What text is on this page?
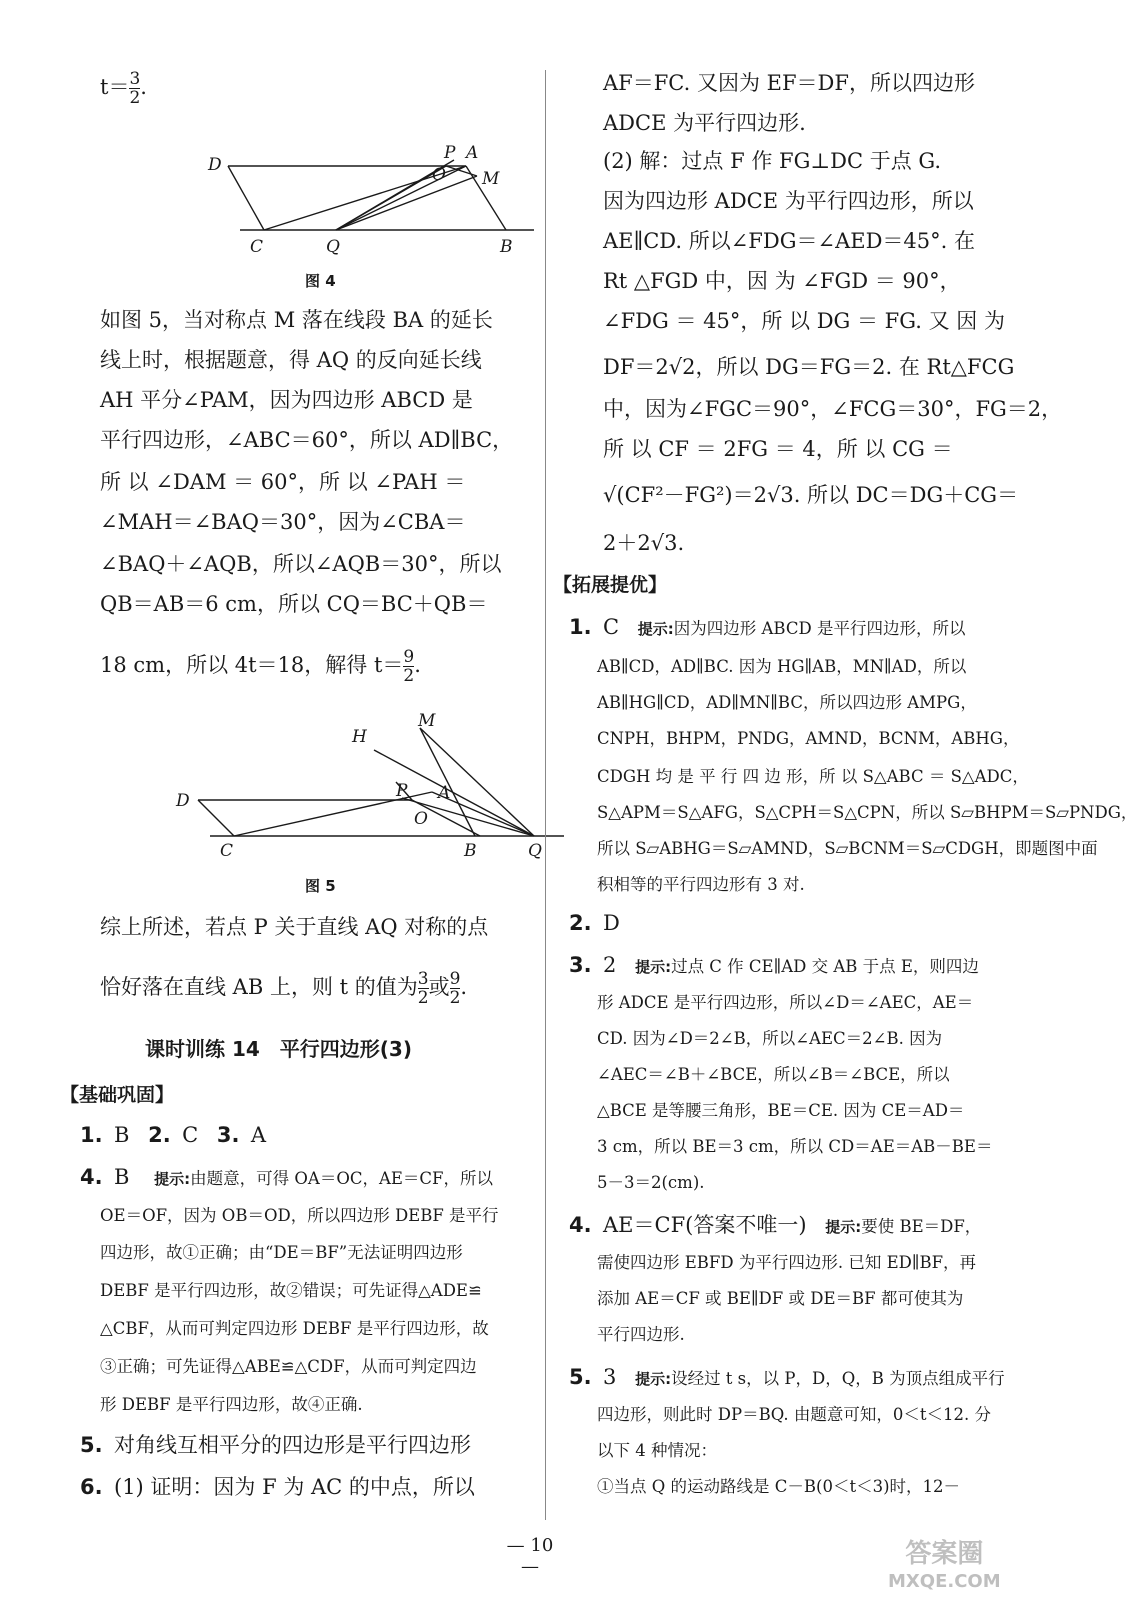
$t= \frac{3}{2}$ .
D
P A
O M
C	Q	B
图 4
如图 5，当对称点 M 落在线段 BA 的延长
线上时，根据题意，得 AQ 的反向延长线
AH 平分∠PAM，因为四边形 ABCD 是
平行四边形，∠ABC＝60°，所以 AD∥BC，
所 以 ∠DAM ＝ 60°，所 以 ∠PAH ＝
∠MAH＝∠BAQ＝30°，因为∠CBA＝
∠BAQ＋∠AQB，所以∠AQB＝30°，所以
QB＝AB＝6 cm，所以 CQ＝BC＋QB＝
18 cm，所以 4t＝18，解得 $t= \frac{9}{2}$ .
H
M
D	P A
O
C	B	Q
图 5
综上所述，若点 P 关于直线 AQ 对称的点
恰好落在直线 AB 上，则 t 的值为 $\frac{3}{2}$ 或 $\frac{9}{2}$ .
课时训练 14　平行四边形(3)
【基础巩固】
1. B 2. C 3. A
4. B 提示:由题意，可得 OA＝OC，AE＝CF，所以
OE＝OF，因为 OB＝OD，所以四边形 DEBF 是平行
四边形，故①正确；由“DE＝BF”无法证明四边形
DEBF 是平行四边形，故②错误；可先证得△ADE≌
△CBF，从而可判定四边形 DEBF 是平行四边形，故
③正确；可先证得△ABE≌△CDF，从而可判定四边
形 DEBF 是平行四边形，故④正确.
5. 对角线互相平分的四边形是平行四边形
6. (1) 证明：因为 F 为 AC 的中点，所以
AF＝FC. 又因为 EF＝DF，所以四边形
ADCE 为平行四边形.
(2) 解：过点 F 作 FG⊥DC 于点 G.
因为四边形 ADCE 为平行四边形，所以
AE∥CD. 所以∠FDG＝∠AED＝45°. 在
Rt △FGD 中，因 为 ∠FGD ＝ 90°，
∠FDG ＝ 45°，所 以 DG ＝ FG. 又 因 为
DF＝2√2，所以 DG＝FG＝2. 在 Rt△FCG
中，因为∠FGC＝90°，∠FCG＝30°，FG＝2，
所 以 CF ＝ 2FG ＝ 4，所 以 CG ＝
√(CF²－FG²)＝2√3. 所以 DC＝DG＋CG＝
2＋2√3.
【拓展提优】
1. C 提示:因为四边形 ABCD 是平行四边形，所以
AB∥CD，AD∥BC. 因为 HG∥AB，MN∥AD，所以
AB∥HG∥CD，AD∥MN∥BC，所以四边形 AMPG，
CNPH，BHPM，PNDG，AMND，BCNM，ABHG，
CDGH 均 是 平 行 四 边 形，所 以 S△ABC ＝ S△ADC，
S△APM＝S△AFG，S△CPH＝S△CPN，所以 S▱BHPM＝S▱PNDG，
所以 S▱ABHG＝S▱AMND，S▱BCNM＝S▱CDGH，即题图中面
积相等的平行四边形有 3 对.
2. D
3. 2 提示:过点 C 作 CE∥AD 交 AB 于点 E，则四边
形 ADCE 是平行四边形，所以∠D＝∠AEC，AE＝
CD. 因为∠D＝2∠B，所以∠AEC＝2∠B. 因为
∠AEC＝∠B＋∠BCE，所以∠B＝∠BCE，所以
△BCE 是等腰三角形，BE＝CE. 因为 CE＝AD＝
3 cm，所以 BE＝3 cm，所以 CD＝AE＝AB－BE＝
5－3＝2(cm).
4. AE＝CF(答案不唯一) 提示:要使 BE＝DF，
需使四边形 EBFD 为平行四边形. 已知 ED∥BF，再
添加 AE＝CF 或 BE∥DF 或 DE＝BF 都可使其为
平行四边形.
5. 3 提示:设经过 t s，以 P，D，Q，B 为顶点组成平行
四边形，则此时 DP＝BQ. 由题意可知，0＜t＜12. 分
以下 4 种情况：
①当点 Q 的运动路线是 C－B(0＜t＜3)时，12－
— 10 —	答案圈
MXQE.COM
